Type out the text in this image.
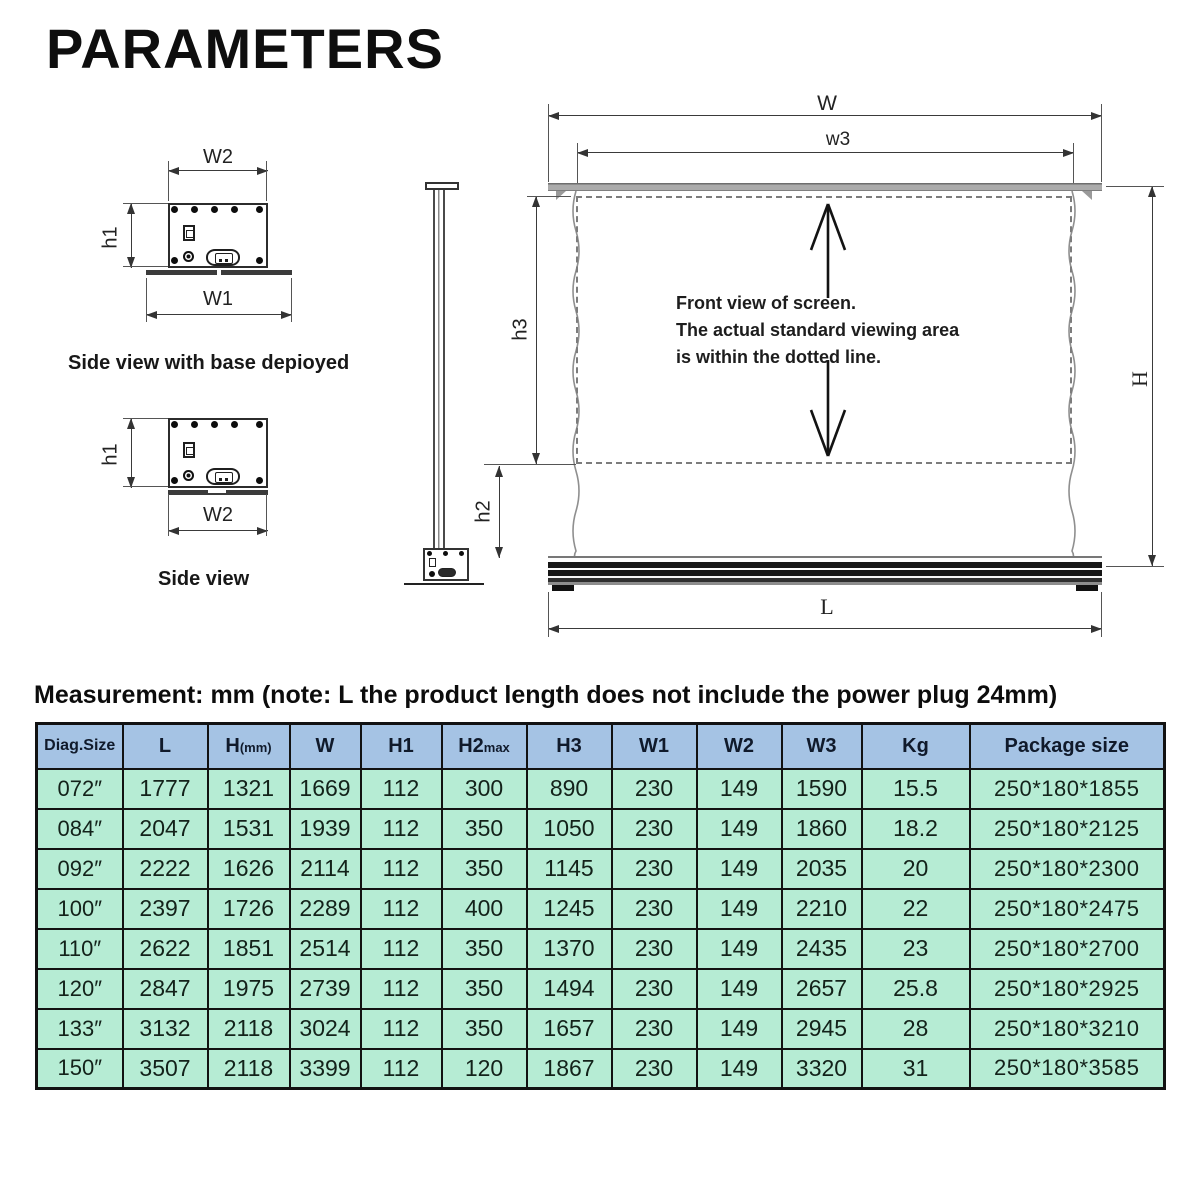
PARAMETERS
W2
h1
W1
Side view with base depioyed
h1
W2
Side view
W
w3
Front view of screen.
The actual standard viewing area
is within the dotted line.
h3
h2
H
L
Measurement: mm (note: L the product length does not include the power plug 24mm)
Diag.Size	L	H(mm)	W	H1	H2max	H3	W1	W2	W3	Kg	Package size
072″	1777	1321	1669	112	300	890	230	149	1590	15.5	250*180*1855
084″	2047	1531	1939	112	350	1050	230	149	1860	18.2	250*180*2125
092″	2222	1626	2114	112	350	1145	230	149	2035	20	250*180*2300
100″	2397	1726	2289	112	400	1245	230	149	2210	22	250*180*2475
110″	2622	1851	2514	112	350	1370	230	149	2435	23	250*180*2700
120″	2847	1975	2739	112	350	1494	230	149	2657	25.8	250*180*2925
133″	3132	2118	3024	112	350	1657	230	149	2945	28	250*180*3210
150″	3507	2118	3399	112	120	1867	230	149	3320	31	250*180*3585
